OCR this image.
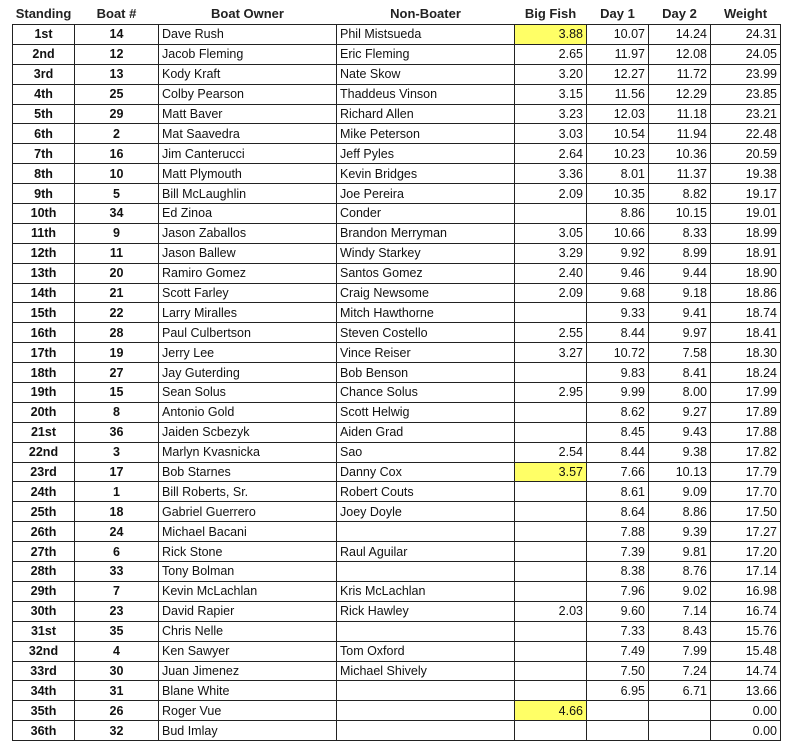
Standing	Boat #	Boat Owner	Non-Boater	Big Fish	Day 1	Day 2	Weight
1st	14	Dave Rush	Phil Mistsueda	3.88	10.07	14.24	24.31
2nd	12	Jacob Fleming	Eric Fleming	2.65	11.97	12.08	24.05
3rd	13	Kody Kraft	Nate Skow	3.20	12.27	11.72	23.99
4th	25	Colby Pearson	Thaddeus Vinson	3.15	11.56	12.29	23.85
5th	29	Matt Baver	Richard Allen	3.23	12.03	11.18	23.21
6th	2	Mat Saavedra	Mike Peterson	3.03	10.54	11.94	22.48
7th	16	Jim Canterucci	Jeff Pyles	2.64	10.23	10.36	20.59
8th	10	Matt Plymouth	Kevin Bridges	3.36	8.01	11.37	19.38
9th	5	Bill McLaughlin	Joe Pereira	2.09	10.35	8.82	19.17
10th	34	Ed Zinoa	Conder		8.86	10.15	19.01
11th	9	Jason Zaballos	Brandon Merryman	3.05	10.66	8.33	18.99
12th	11	Jason Ballew	Windy Starkey	3.29	9.92	8.99	18.91
13th	20	Ramiro Gomez	Santos Gomez	2.40	9.46	9.44	18.90
14th	21	Scott Farley	Craig Newsome	2.09	9.68	9.18	18.86
15th	22	Larry Miralles	Mitch Hawthorne		9.33	9.41	18.74
16th	28	Paul Culbertson	Steven Costello	2.55	8.44	9.97	18.41
17th	19	Jerry Lee	Vince Reiser	3.27	10.72	7.58	18.30
18th	27	Jay Guterding	Bob Benson		9.83	8.41	18.24
19th	15	Sean Solus	Chance Solus	2.95	9.99	8.00	17.99
20th	8	Antonio Gold	Scott Helwig		8.62	9.27	17.89
21st	36	Jaiden Scbezyk	Aiden Grad		8.45	9.43	17.88
22nd	3	Marlyn Kvasnicka	Sao	2.54	8.44	9.38	17.82
23rd	17	Bob Starnes	Danny Cox	3.57	7.66	10.13	17.79
24th	1	Bill Roberts, Sr.	Robert Couts		8.61	9.09	17.70
25th	18	Gabriel Guerrero	Joey Doyle		8.64	8.86	17.50
26th	24	Michael Bacani			7.88	9.39	17.27
27th	6	Rick Stone	Raul Aguilar		7.39	9.81	17.20
28th	33	Tony Bolman			8.38	8.76	17.14
29th	7	Kevin McLachlan	Kris McLachlan		7.96	9.02	16.98
30th	23	David Rapier	Rick Hawley	2.03	9.60	7.14	16.74
31st	35	Chris Nelle			7.33	8.43	15.76
32nd	4	Ken Sawyer	Tom Oxford		7.49	7.99	15.48
33rd	30	Juan Jimenez	Michael Shively		7.50	7.24	14.74
34th	31	Blane White			6.95	6.71	13.66
35th	26	Roger Vue		4.66			0.00
36th	32	Bud Imlay					0.00
